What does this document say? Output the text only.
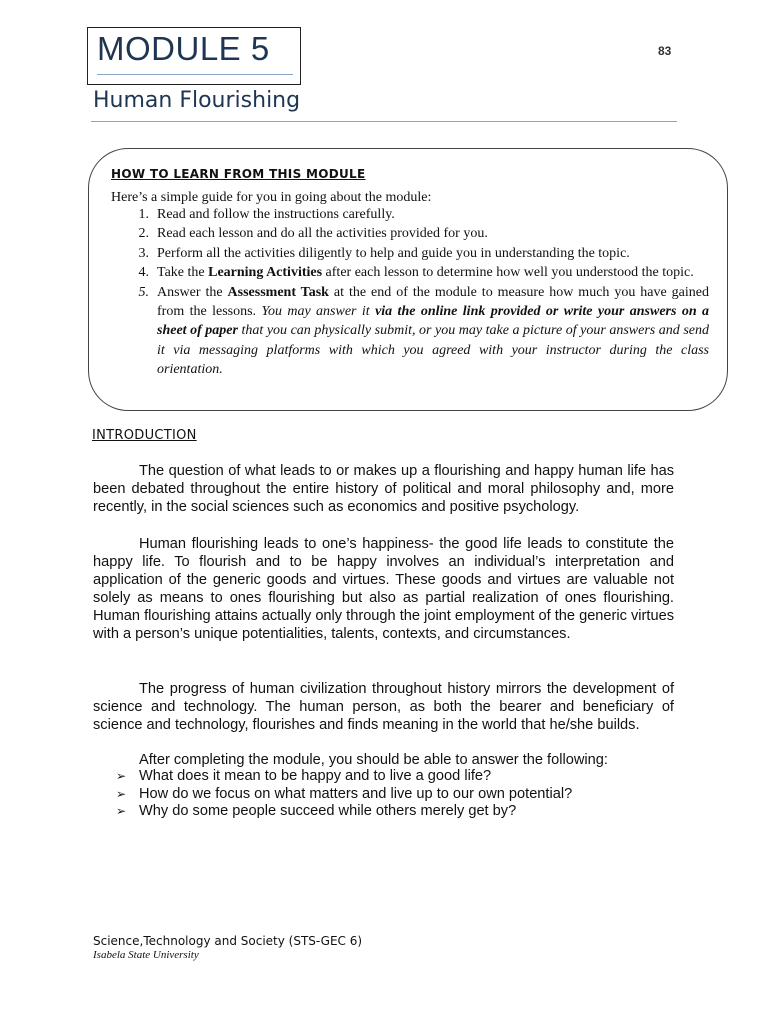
MODULE 5	83
Human Flourishing
HOW TO LEARN FROM THIS MODULE
Here’s a simple guide for you in going about the module:
1. Read and follow the instructions carefully.
2. Read each lesson and do all the activities provided for you.
3. Perform all the activities diligently to help and guide you in understanding the topic.
4. Take the Learning Activities after each lesson to determine how well you understood the topic.
5. Answer the Assessment Task at the end of the module to measure how much you have gained from the lessons. You may answer it via the online link provided or write your answers on a sheet of paper that you can physically submit, or you may take a picture of your answers and send it via messaging platforms with which you agreed with your instructor during the class orientation.
INTRODUCTION
The question of what leads to or makes up a flourishing and happy human life has been debated throughout the entire history of political and moral philosophy and, more recently, in the social sciences such as economics and positive psychology.
Human flourishing leads to one’s happiness- the good life leads to constitute the happy life. To flourish and to be happy involves an individual’s interpretation and application of the generic goods and virtues. These goods and virtues are valuable not solely as means to ones flourishing but also as partial realization of ones flourishing. Human flourishing attains actually only through the joint employment of the generic virtues with a person’s unique potentialities, talents, contexts, and circumstances.
The progress of human civilization throughout history mirrors the development of science and technology. The human person, as both the bearer and beneficiary of science and technology, flourishes and finds meaning in the world that he/she builds.
After completing the module, you should be able to answer the following:
➢ What does it mean to be happy and to live a good life?
➢ How do we focus on what matters and live up to our own potential?
➢ Why do some people succeed while others merely get by?
Science,Technology and Society (STS-GEC 6)
Isabela State University
